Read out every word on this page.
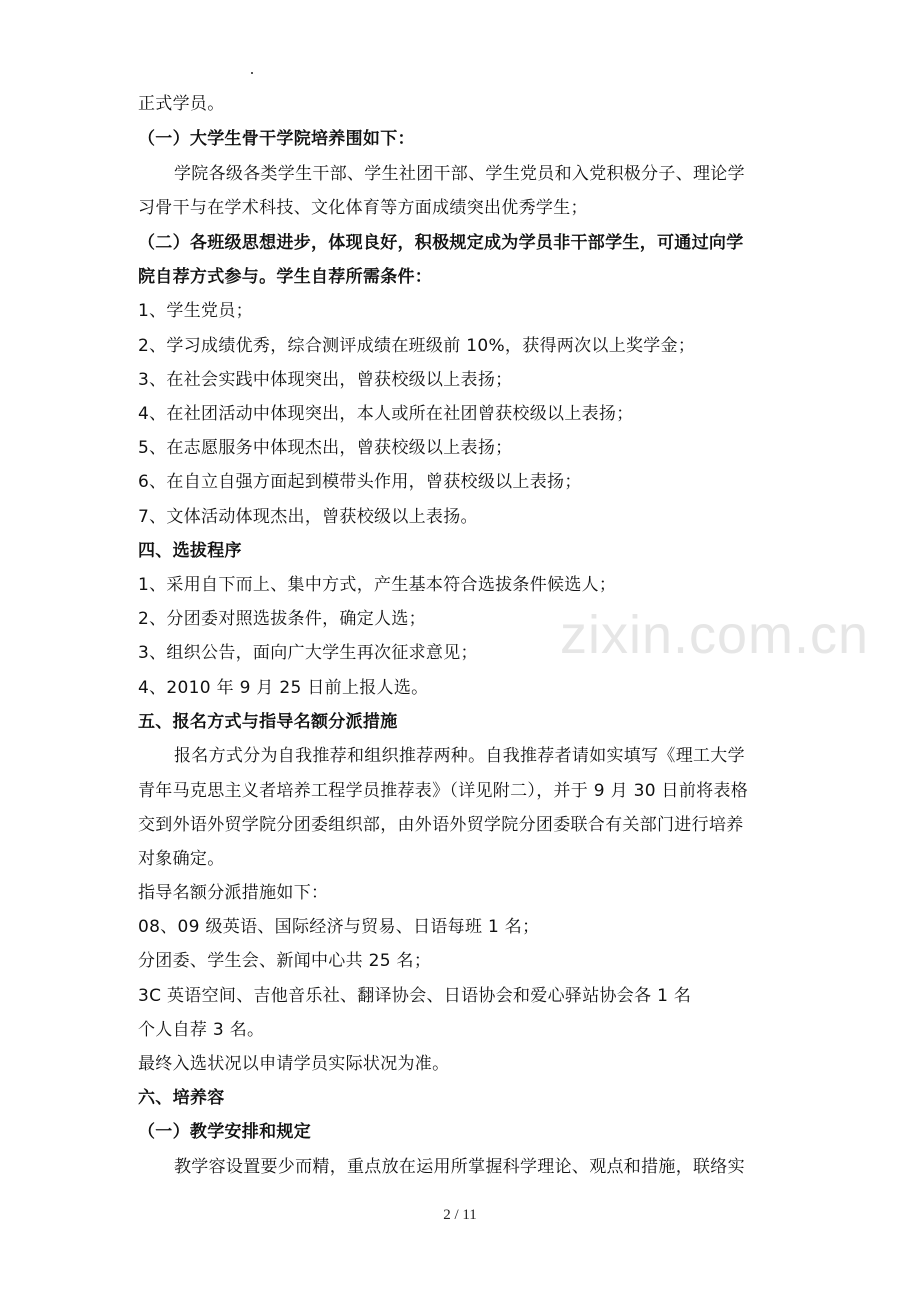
zixin.com.cn
正式学员。
（一）大学生骨干学院培养围如下：
学院各级各类学生干部、学生社团干部、学生党员和入党积极分子、理论学
习骨干与在学术科技、文化体育等方面成绩突出优秀学生；
（二）各班级思想进步，体现良好，积极规定成为学员非干部学生，可通过向学
院自荐方式参与。学生自荐所需条件：
1、学生党员；
2、学习成绩优秀，综合测评成绩在班级前 10%，获得两次以上奖学金；
3、在社会实践中体现突出，曾获校级以上表扬；
4、在社团活动中体现突出，本人或所在社团曾获校级以上表扬；
5、在志愿服务中体现杰出，曾获校级以上表扬；
6、在自立自强方面起到模带头作用，曾获校级以上表扬；
7、文体活动体现杰出，曾获校级以上表扬。
四、选拔程序
1、采用自下而上、集中方式，产生基本符合选拔条件候选人；
2、分团委对照选拔条件，确定人选；
3、组织公告，面向广大学生再次征求意见；
4、2010 年 9 月 25 日前上报人选。
五、报名方式与指导名额分派措施
报名方式分为自我推荐和组织推荐两种。自我推荐者请如实填写《理工大学
青年马克思主义者培养工程学员推荐表》（详见附二），并于 9 月 30 日前将表格
交到外语外贸学院分团委组织部，由外语外贸学院分团委联合有关部门进行培养
对象确定。
指导名额分派措施如下：
08、09 级英语、国际经济与贸易、日语每班 1 名；
分团委、学生会、新闻中心共 25 名；
3C 英语空间、吉他音乐社、翻译协会、日语协会和爱心驿站协会各 1 名
个人自荐 3 名。
最终入选状况以申请学员实际状况为准。
六、培养容
（一）教学安排和规定
教学容设置要少而精，重点放在运用所掌握科学理论、观点和措施，联络实
2 / 11
